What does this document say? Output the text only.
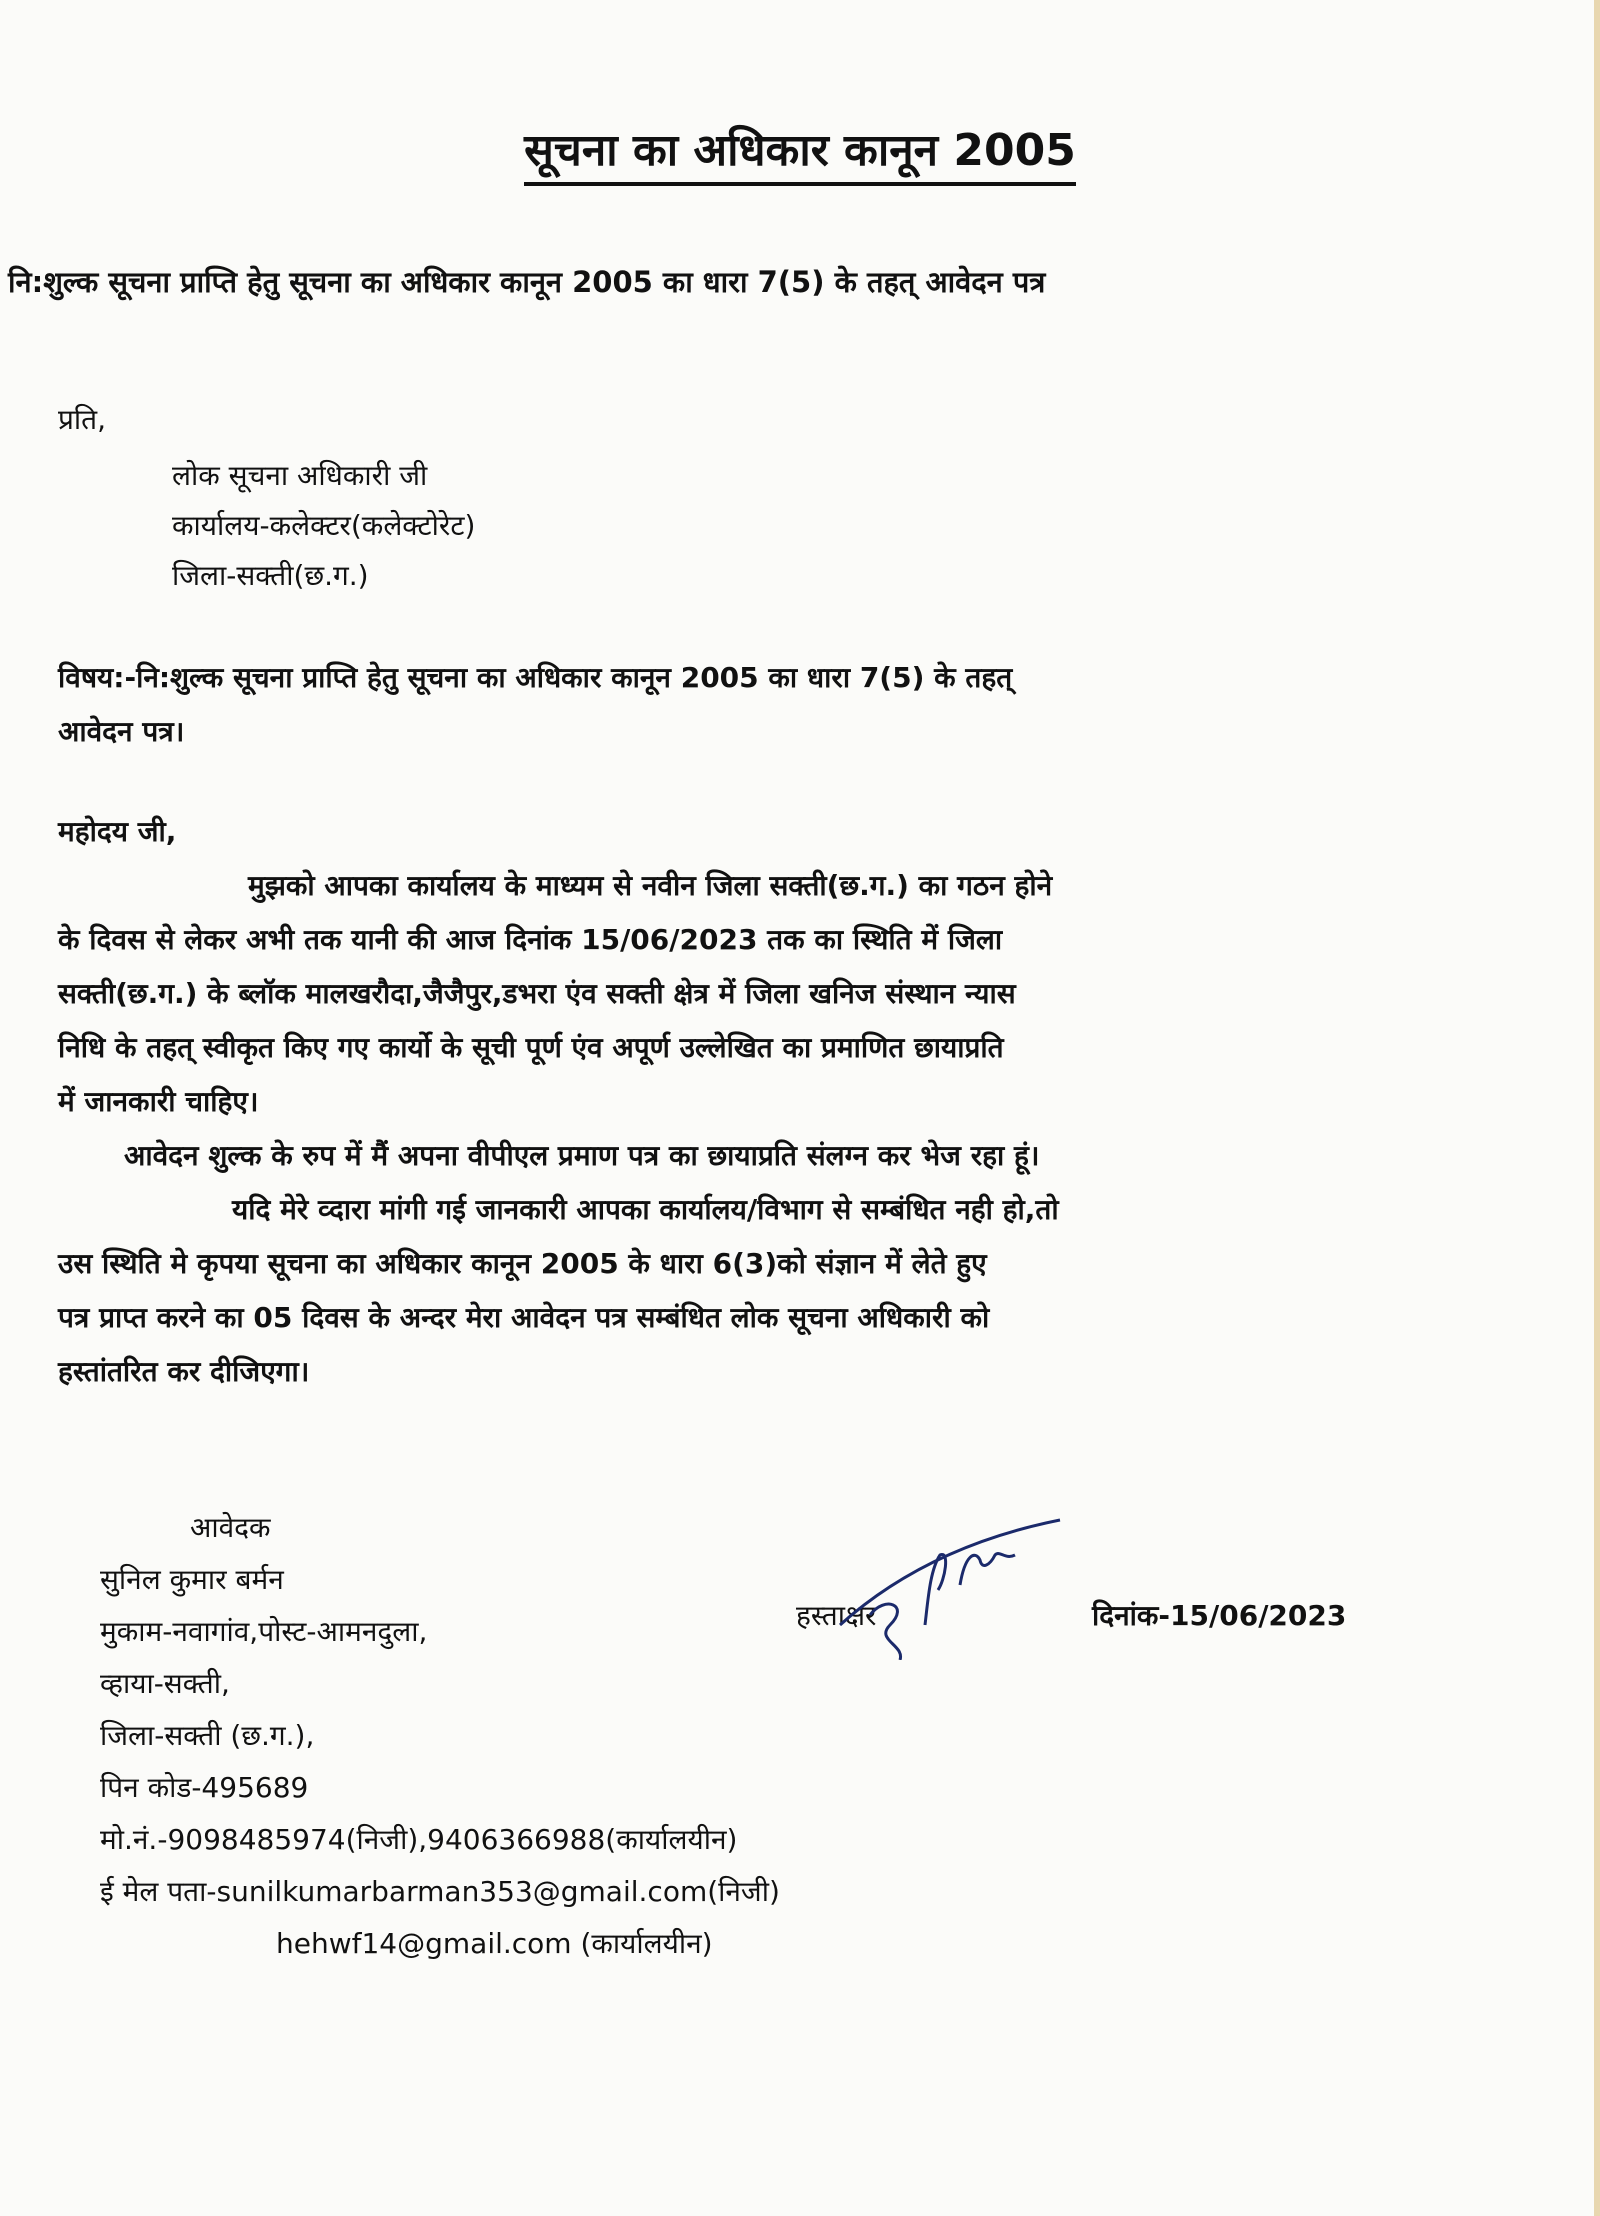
सूचना का अधिकार कानून 2005
नि:शुल्क सूचना प्राप्ति हेतु सूचना का अधिकार कानून 2005 का धारा 7(5) के तहत् आवेदन पत्र
प्रति,
लोक सूचना अधिकारी जी
कार्यालय-कलेक्टर(कलेक्टोरेट)
जिला-सक्ती(छ.ग.)
विषय:-नि:शुल्क सूचना प्राप्ति हेतु सूचना का अधिकार कानून 2005 का धारा 7(5) के तहत्
आवेदन पत्र।
महोदय जी,
मुझको आपका कार्यालय के माध्यम से नवीन जिला सक्ती(छ.ग.) का गठन होने
के दिवस से लेकर अभी तक यानी की आज दिनांक 15/06/2023 तक का स्थिति में जिला
सक्ती(छ.ग.) के ब्लॉक मालखरौदा,जैजैपुर,डभरा एंव सक्ती क्षेत्र में जिला खनिज संस्थान न्यास
निधि के तहत् स्वीकृत किए गए कार्यो के सूची पूर्ण एंव अपूर्ण उल्लेखित का प्रमाणित छायाप्रति
में जानकारी चाहिए।
आवेदन शुल्क के रुप में मैं अपना वीपीएल प्रमाण पत्र का छायाप्रति संलग्न कर भेज रहा हूं।
यदि मेरे व्दारा मांगी गई जानकारी आपका कार्यालय/विभाग से सम्बंधित नही हो,तो
उस स्थिति मे कृपया सूचना का अधिकार कानून 2005 के धारा 6(3)को संज्ञान में लेते हुए
पत्र प्राप्त करने का 05 दिवस के अन्दर मेरा आवेदन पत्र सम्बंधित लोक सूचना अधिकारी को
हस्तांतरित कर दीजिएगा।
आवेदक
सुनिल कुमार बर्मन
मुकाम-नवागांव,पोस्ट-आमनदुला,
व्हाया-सक्ती,
जिला-सक्ती (छ.ग.),
पिन कोड-495689
मो.नं.-9098485974(निजी),9406366988(कार्यालयीन)
ई मेल पता-sunilkumarbarman353@gmail.com(निजी)
hehwf14@gmail.com (कार्यालयीन)
हस्ताक्षर	दिनांक-15/06/2023
